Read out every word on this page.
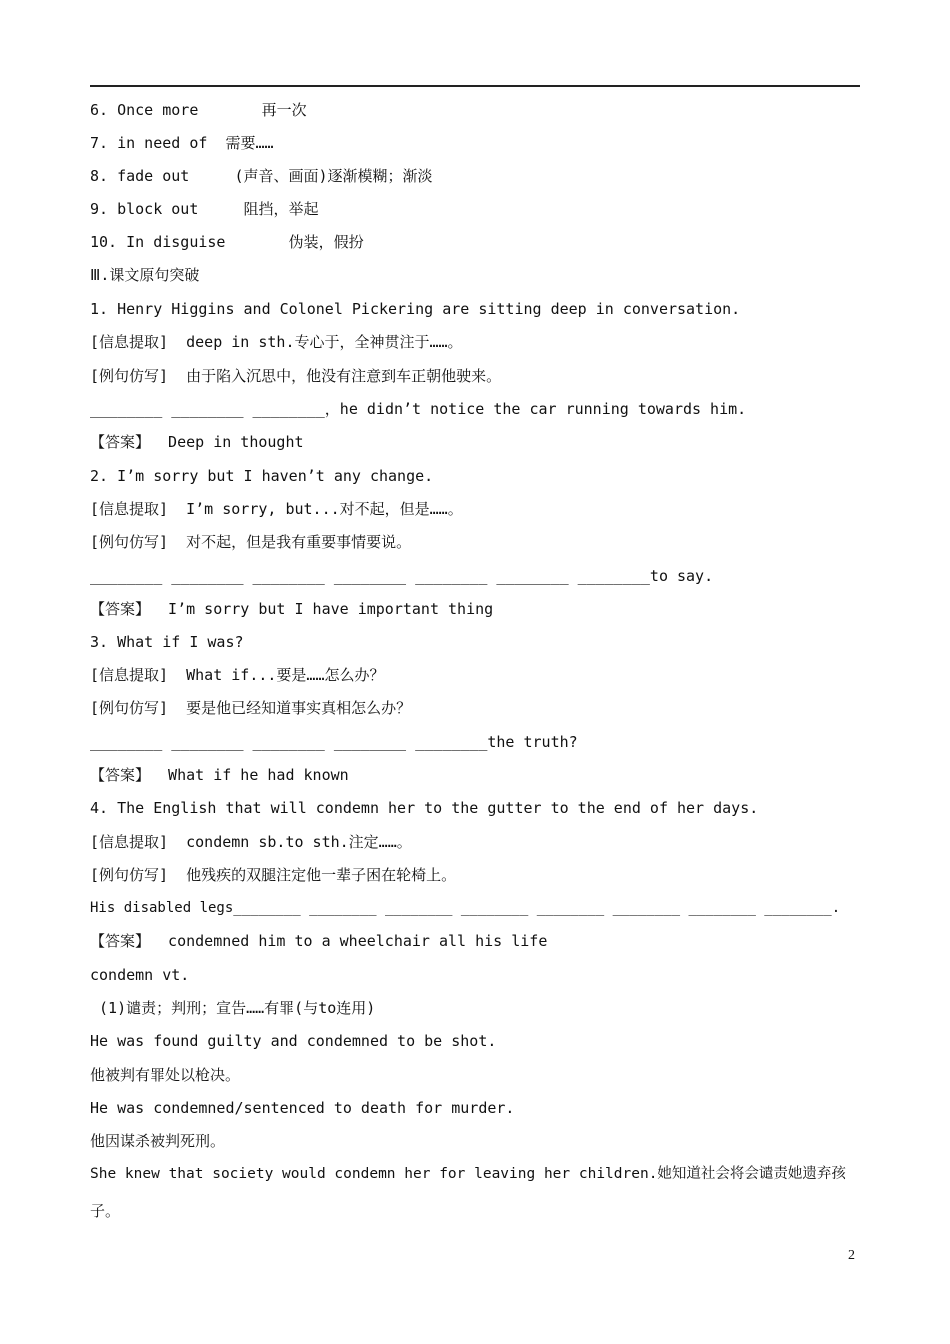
6. Once more       再一次
7. in need of  需要……
8. fade out     (声音、画面)逐渐模糊；渐淡
9. block out     阻挡，举起
10. In disguise       伪装，假扮
Ⅲ.课文原句突破
1. Henry Higgins and Colonel Pickering are sitting deep in conversation.
[信息提取]  deep in sth.专心于，全神贯注于……。
[例句仿写]  由于陷入沉思中，他没有注意到车正朝他驶来。
________ ________ ________，he didn’t notice the car running towards him.
【答案】  Deep in thought
2. I’m sorry but I haven’t any change.
[信息提取]  I’m sorry, but...对不起，但是……。
[例句仿写]  对不起，但是我有重要事情要说。
________ ________ ________ ________ ________ ________ ________to say.
【答案】  I’m sorry but I have important thing
3. What if I was?
[信息提取]  What if...要是……怎么办？
[例句仿写]  要是他已经知道事实真相怎么办？
________ ________ ________ ________ ________the truth?
【答案】  What if he had known
4. The English that will condemn her to the gutter to the end of her days.
[信息提取]  condemn sb.to sth.注定……。
[例句仿写]  他残疾的双腿注定他一辈子困在轮椅上。
His disabled legs________ ________ ________ ________ ________ ________ ________ ________.
【答案】  condemned him to a wheelchair all his life
condemn vt.
(1)谴责；判刑；宣告……有罪(与to连用)
He was found guilty and condemned to be shot.
他被判有罪处以枪决。
He was condemned/sentenced to death for murder.
他因谋杀被判死刑。
She knew that society would condemn her for leaving her children.她知道社会将会谴责她遗弃孩
子。
2
